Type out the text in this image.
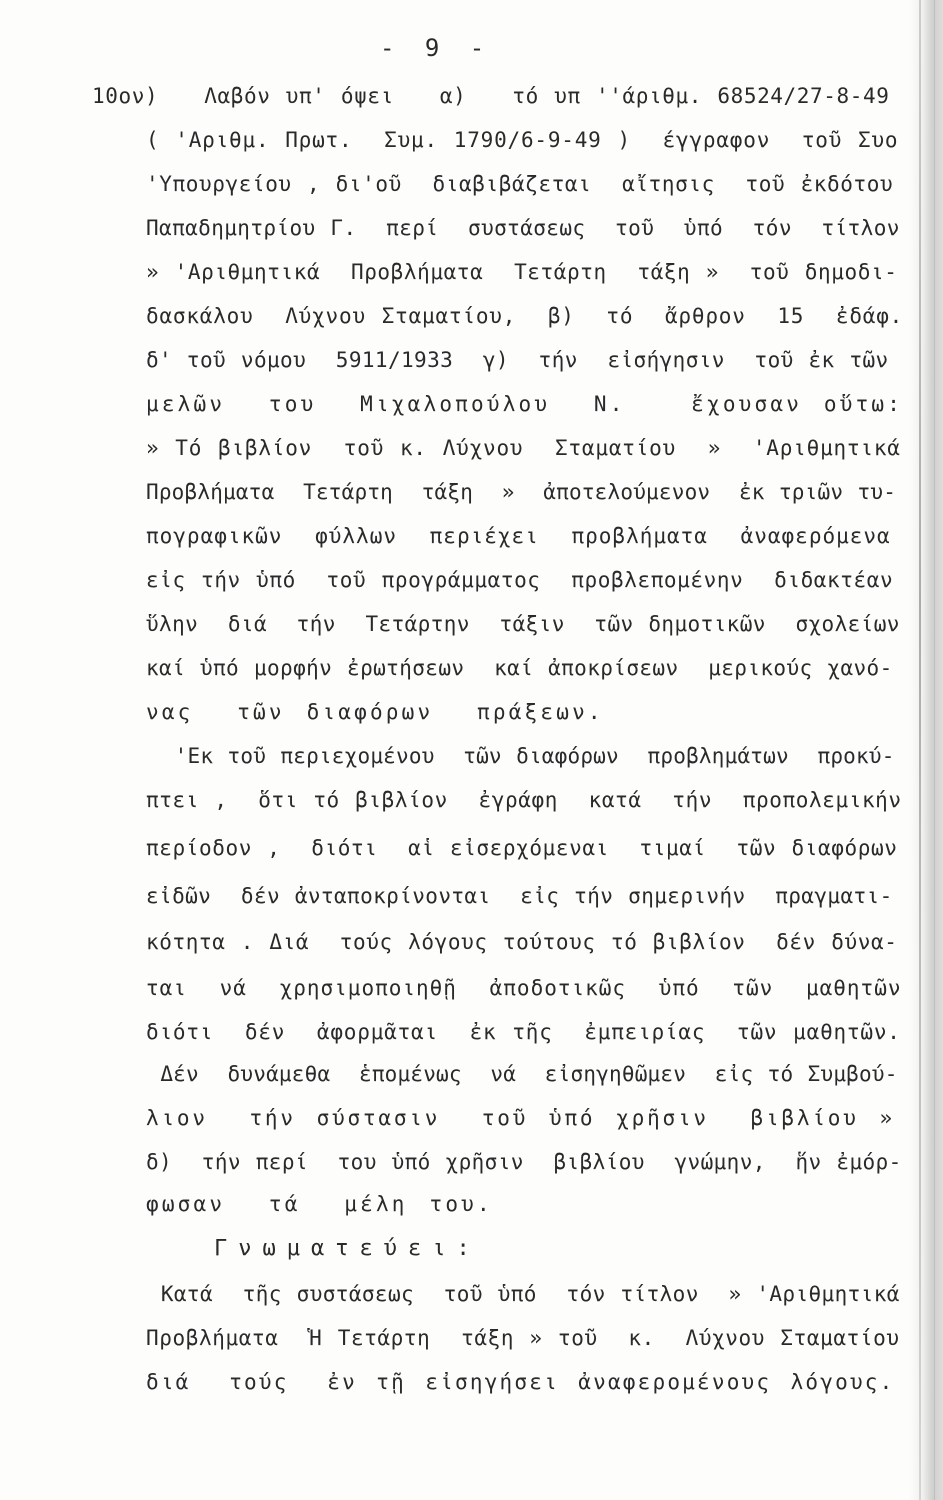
- 9 -
10ον)   Λαβόν υπ' όψει   α)   τό υπ ''άριθμ. 68524/27-8-49
( 'Αριθμ. Πρωτ.  Συμ. 1790/6-9-49 )  έγγραφον  τοῦ Συο
'Υπουργείου , δι'οῦ  διαβιβάζεται  αἴτησις  τοῦ ἐκδότου
Παπαδημητρίου Γ.  περί  συστάσεως  τοῦ  ὑπό  τόν  τίτλον
» 'Αριθμητικά  Προβλήματα  Τετάρτη  τάξη »  τοῦ δημοδι-
δασκάλου  Λύχνου Σταματίου,  β)  τό  ἄρθρον  15  ἐδάφ.
δ' τοῦ νόμου  5911/1933  γ)  τήν  εἰσήγησιν  τοῦ ἐκ τῶν
μελῶν  του  Μιχαλοπούλου  Ν.   ἔχουσαν οὕτω:
» Τό βιβλίον  τοῦ κ. Λύχνου  Σταματίου  »  'Αριθμητικά
Προβλήματα  Τετάρτη  τάξη  »  ἀποτελούμενον  ἐκ τριῶν τυ-
πογραφικῶν  φύλλων  περιέχει  προβλήματα  ἀναφερόμενα
εἰς τήν ὑπό  τοῦ προγράμματος  προβλεπομένην  διδακτέαν
ὕλην  διά  τήν  Τετάρτην  τάξιν  τῶν δημοτικῶν  σχολείων
καί ὑπό μορφήν ἐρωτήσεων  καί ἀποκρίσεων  μερικούς χανό-
νας  τῶν διαφόρων  πράξεων.
'Εκ τοῦ περιεχομένου  τῶν διαφόρων  προβλημάτων  προκύ-
πτει ,  ὅτι τό βιβλίον  ἐγράφη  κατά  τήν  προπολεμικήν
περίοδον ,  διότι  αἱ εἰσερχόμεναι  τιμαί  τῶν διαφόρων
εἰδῶν  δέν ἀνταποκρίνονται  εἰς τήν σημερινήν  πραγματι-
κότητα . Διά  τούς λόγους τούτους τό βιβλίον  δέν δύνα-
ται  νά  χρησιμοποιηθῇ  ἀποδοτικῶς  ὑπό  τῶν  μαθητῶν
διότι  δέν  ἀφορμᾶται  ἐκ τῆς  ἐμπειρίας  τῶν μαθητῶν.
Δέν  δυνάμεθα  ἑπομένως  νά  εἰσηγηθῶμεν  εἰς τό Συμβού-
λιον  τήν σύστασιν  τοῦ ὑπό χρῆσιν  βιβλίου »
δ)  τήν περί  του ὑπό χρῆσιν  βιβλίου  γνώμην,  ἥν ἐμόρ-
φωσαν  τά  μέλη του.
Γνωματεύει:
Κατά  τῆς συστάσεως  τοῦ ὑπό  τόν τίτλον  » 'Αριθμητικά
Προβλήματα  Ἡ Τετάρτη  τάξη » τοῦ  κ.  Λύχνου Σταματίου
διά  τούς  ἐν τῇ εἰσηγήσει ἀναφερομένους λόγους.
